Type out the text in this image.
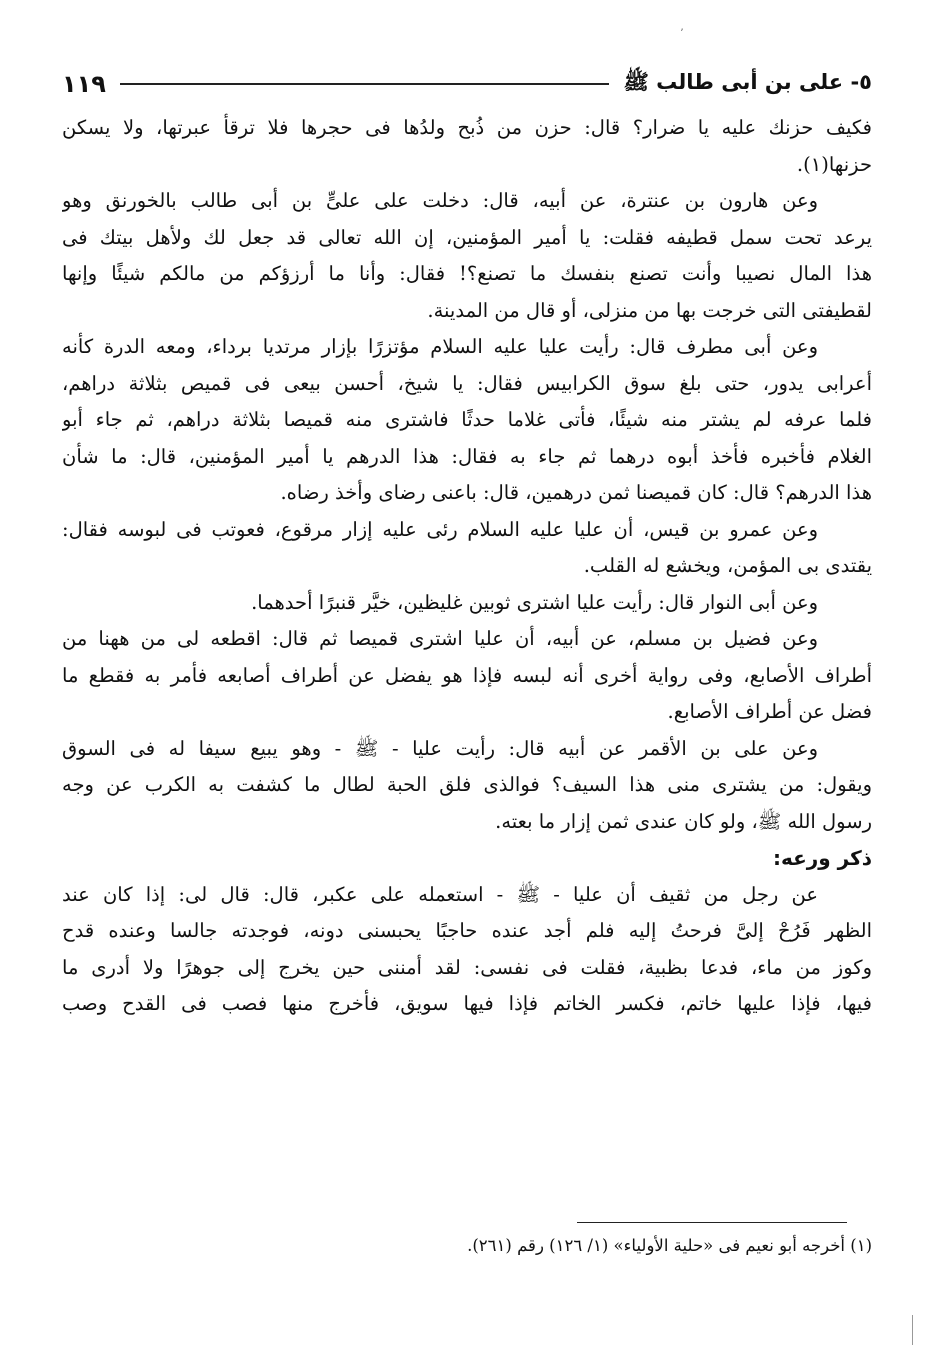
ʼ
٥- على بن أبى طالب ﷺ
١١٩
فكيف حزنك عليه يا ضرار؟ قال: حزن من ذُبح ولدُها فى حجرها فلا ترقأ عبرتها، ولا يسكن
حزنها(١).
وعن هارون بن عنترة، عن أبيه، قال: دخلت على علىٍّ بن أبى طالب بالخورنق وهو
يرعد تحت سمل قطيفه فقلت: يا أمير المؤمنين، إن الله تعالى قد جعل لك ولأهل بيتك فى
هذا المال نصيبا وأنت تصنع بنفسك ما تصنع؟! فقال: وأنا ما أرزؤكم من مالكم شيئًا وإنها
لقطيفتى التى خرجت بها من منزلى، أو قال من المدينة.
وعن أبى مطرف قال: رأيت عليا عليه السلام مؤتزرًا بإزار مرتديا برداء، ومعه الدرة كأنه
أعرابى يدور، حتى بلغ سوق الكرابيس فقال: يا شيخ، أحسن بيعى فى قميص بثلاثة دراهم،
فلما عرفه لم يشتر منه شيئًا، فأتى غلاما حدثًا فاشترى منه قميصا بثلاثة دراهم، ثم جاء أبو
الغلام فأخبره فأخذ أبوه درهما ثم جاء به فقال: هذا الدرهم يا أمير المؤمنين، قال: ما شأن
هذا الدرهم؟ قال: كان قميصنا ثمن درهمين، قال: باعنى رضاى وأخذ رضاه.
وعن عمرو بن قيس، أن عليا عليه السلام رئى عليه إزار مرقوع، فعوتب فى لبوسه فقال:
يقتدى بى المؤمن، ويخشع له القلب.
وعن أبى النوار قال: رأيت عليا اشترى ثوبين غليظين، خيَّر قنبرًا أحدهما.
وعن فضيل بن مسلم، عن أبيه، أن عليا اشترى قميصا ثم قال: اقطعه لى من ههنا من
أطراف الأصابع، وفى رواية أخرى أنه لبسه فإذا هو يفضل عن أطراف أصابعه فأمر به فقطع ما
فضل عن أطراف الأصابع.
وعن على بن الأقمر عن أبيه قال: رأيت عليا - ﷺ - وهو يبيع سيفا له فى السوق
ويقول: من يشترى منى هذا السيف؟ فوالذى فلق الحبة لطال ما كشفت به الكرب عن وجه
رسول الله ﷺ، ولو كان عندى ثمن إزار ما بعته.
ذكر ورعه:
عن رجل من ثقيف أن عليا - ﷺ - استعمله على عكبر، قال: قال لى: إذا كان عند
الظهر فَرُحْ إلىَّ فرحتُ إليه فلم أجد عنده حاجبًا يحبسنى دونه، فوجدته جالسا وعنده قدح
وكوز من ماء، فدعا بظبية، فقلت فى نفسى: لقد أمننى حين يخرج إلى جوهرًا ولا أدرى ما
فيها، فإذا عليها خاتم، فكسر الخاتم فإذا فيها سويق، فأخرج منها فصب فى القدح وصب
(١) أخرجه أبو نعيم فى «حلية الأولياء» (١/ ١٢٦) رقم (٢٦١).
